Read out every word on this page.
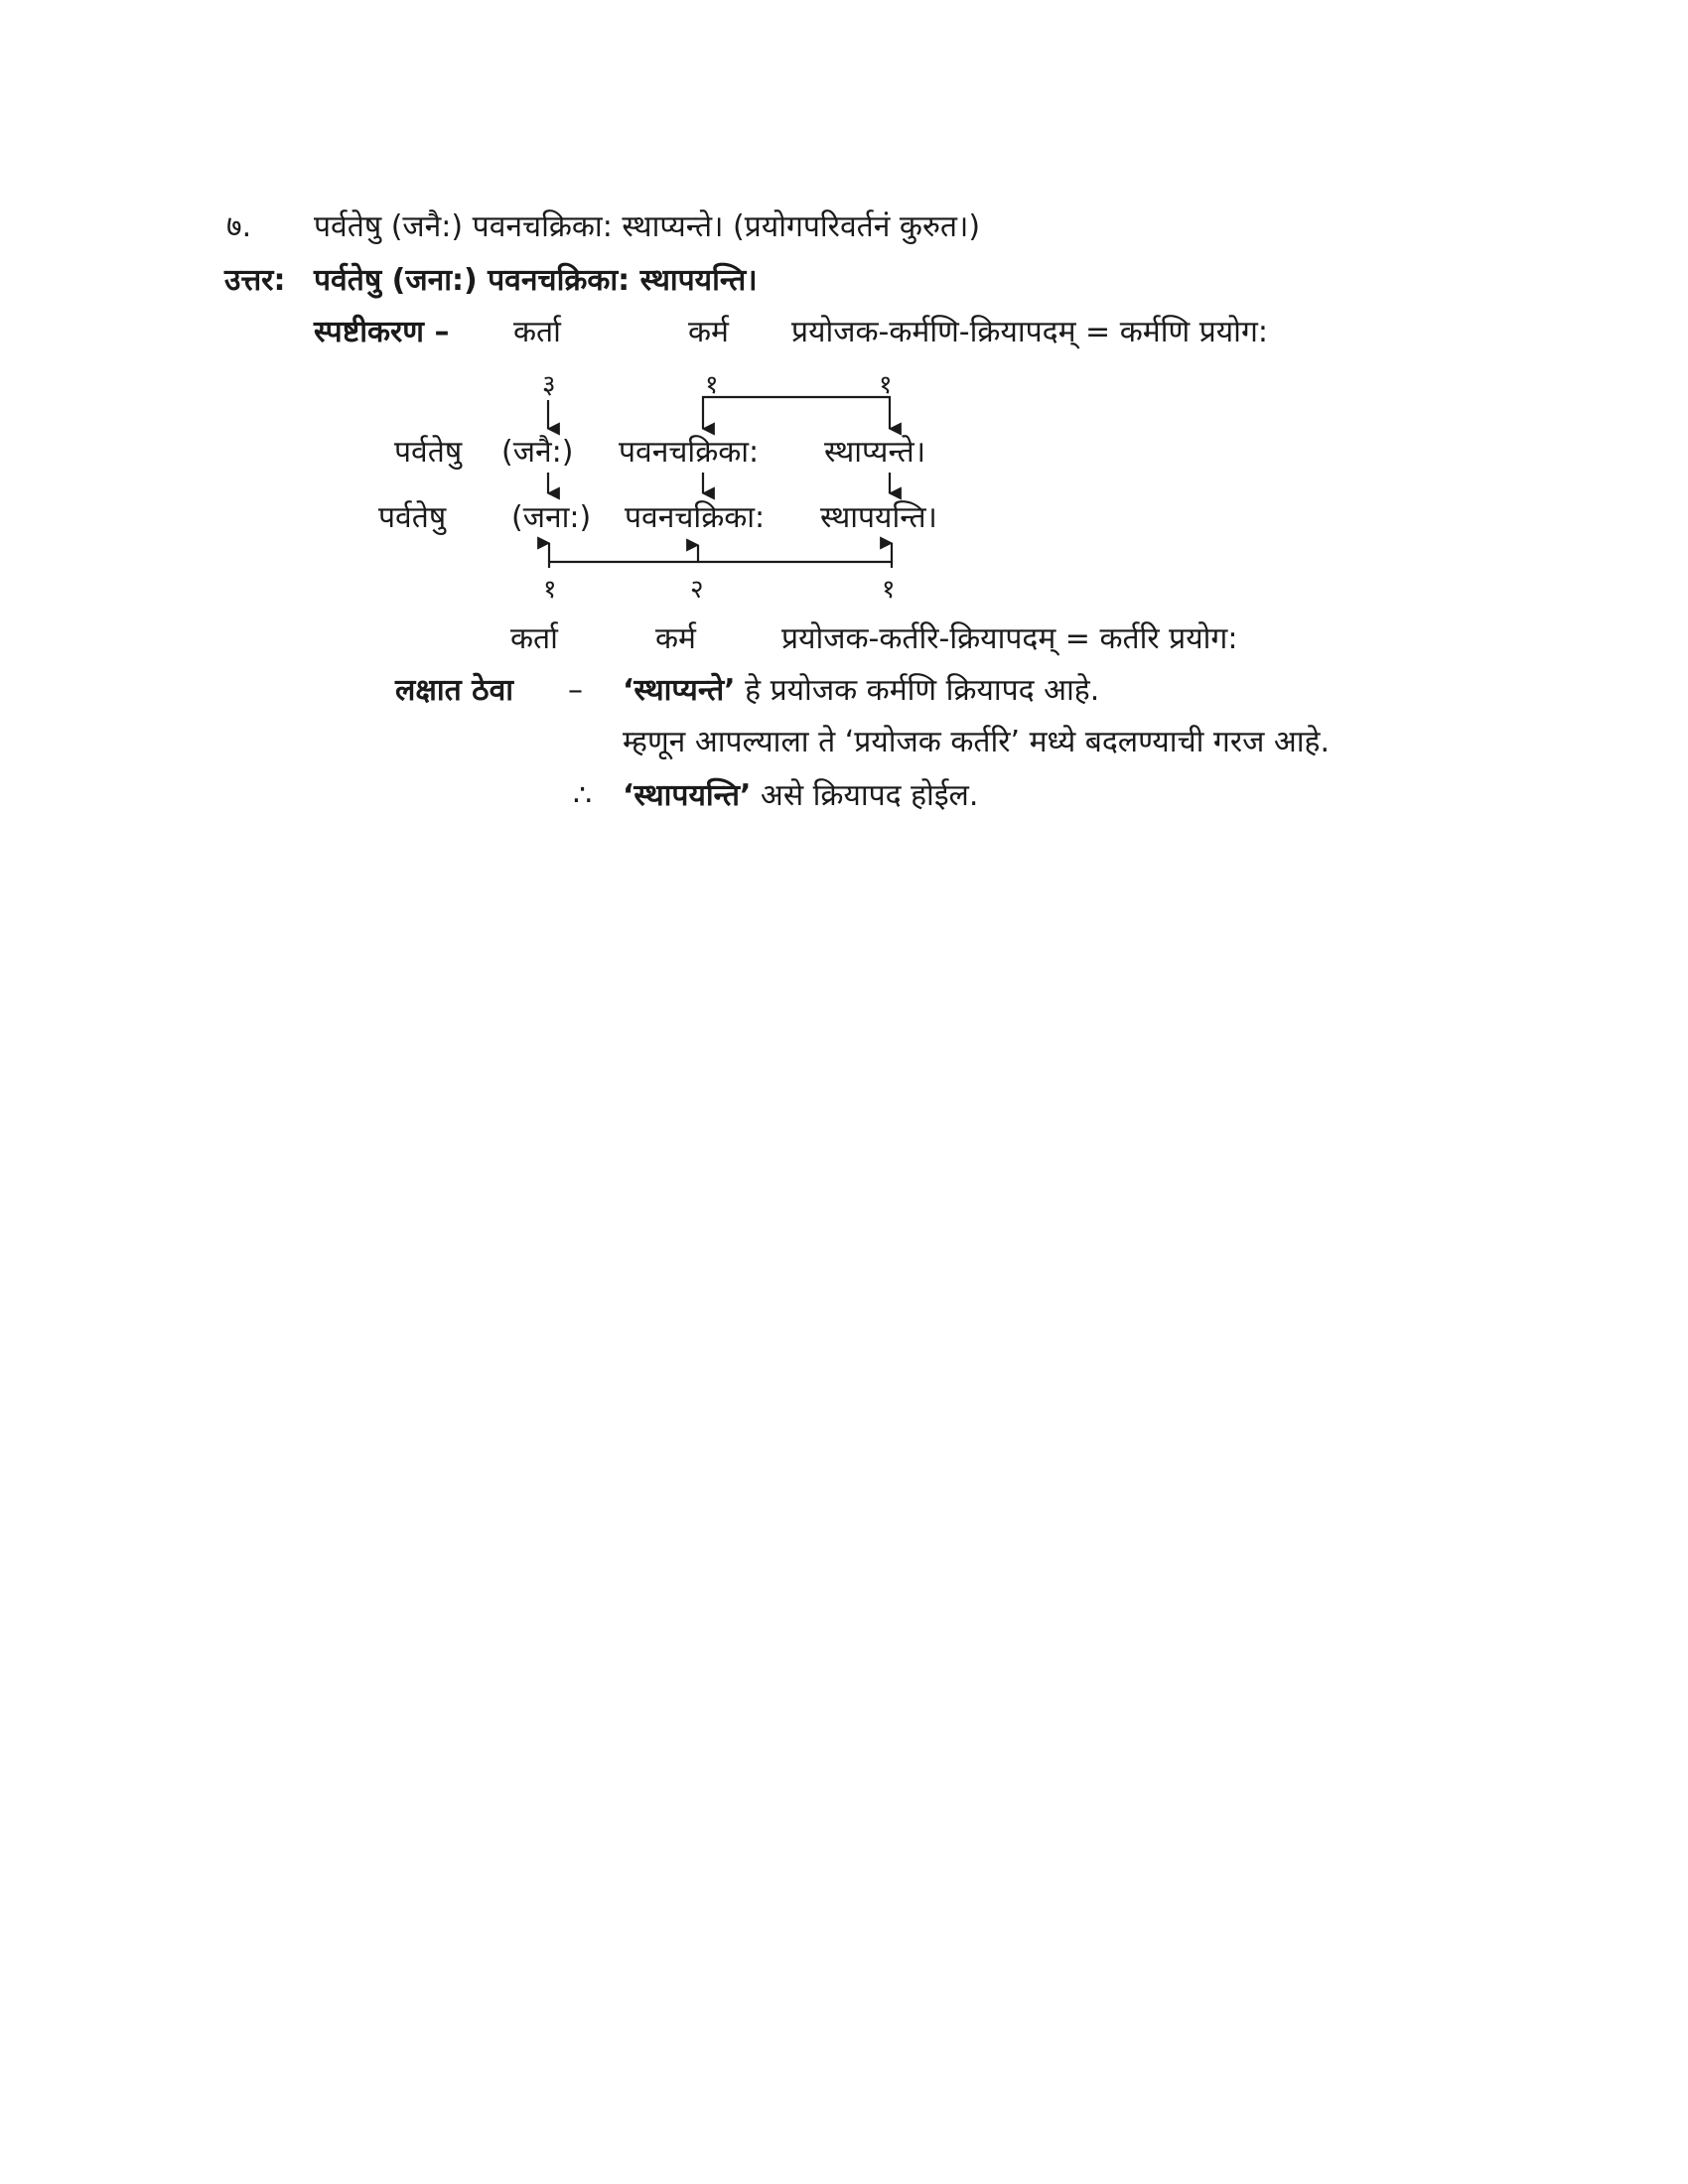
७. पर्वतेषु (जनै:) पवनचक्रिका: स्थाप्यन्ते। (प्रयोगपरिवर्तनं कुरुत।)
उत्तर: पर्वतेषु (जना:) पवनचक्रिका: स्थापयन्ति।
स्पष्टीकरण – कर्ता	कर्म प्रयोजक-कर्मणि-क्रियापदम् = कर्मणि प्रयोग:
३	१	१
पर्वतेषु (जनै:) पवनचक्रिका: स्थाप्यन्ते।
पर्वतेषु (जना:) पवनचक्रिका: स्थापयन्ति।
१	२	१
कर्ता	कर्म	प्रयोजक-कर्तरि-क्रियापदम् = कर्तरि प्रयोग:
लक्षात ठेवा – ‘स्थाप्यन्ते’ हे प्रयोजक कर्मणि क्रियापद आहे.
म्हणून आपल्याला ते ‘प्रयोजक कर्तरि’ मध्ये बदलण्याची गरज आहे.
∴ ‘स्थापयन्ति’ असे क्रियापद होईल.
